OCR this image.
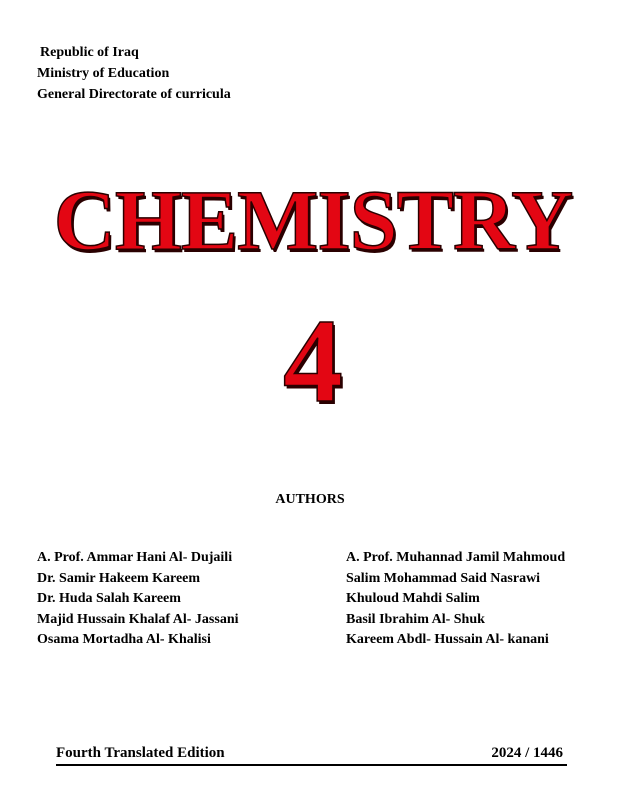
Republic of Iraq
Ministry of Education
General Directorate of curricula
CHEMISTRY
4
AUTHORS
A. Prof. Ammar Hani Al- Dujaili
Dr. Samir Hakeem Kareem
Dr. Huda Salah Kareem
Majid Hussain Khalaf Al- Jassani
Osama Mortadha Al- Khalisi
A. Prof. Muhannad Jamil Mahmoud
Salim Mohammad Said Nasrawi
Khuloud Mahdi Salim
Basil Ibrahim Al- Shuk
Kareem Abdl- Hussain Al- kanani
Fourth Translated Edition	2024 / 1446
